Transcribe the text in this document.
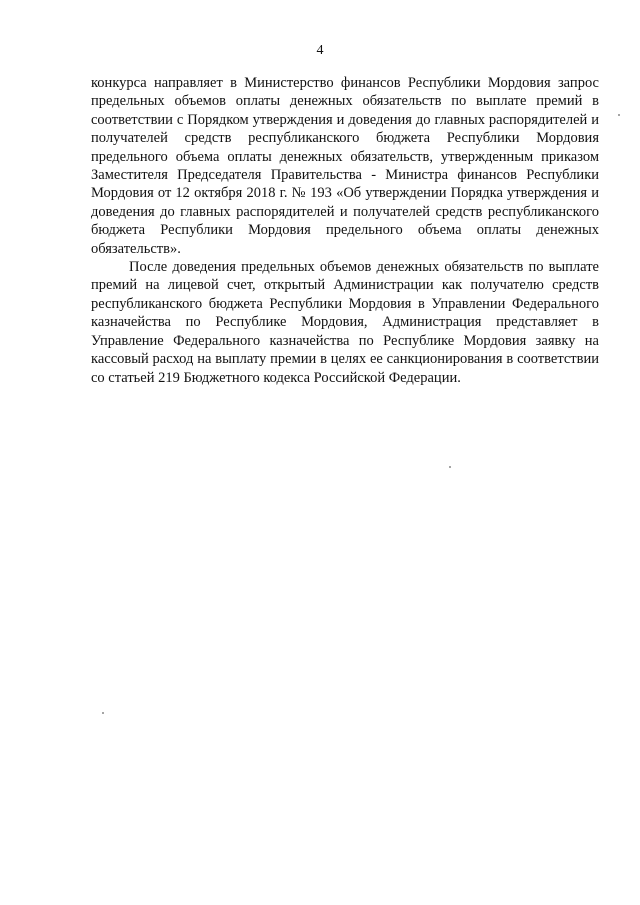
4

конкурса направляет в Министерство финансов Республики Мордовия запрос предельных объемов оплаты денежных обязательств по выплате премий в соответствии с Порядком утверждения и доведения до главных распорядителей и получателей средств республиканского бюджета Республики Мордовия предельного объема оплаты денежных обязательств, утвержденным приказом Заместителя Председателя Правительства - Министра финансов Республики Мордовия от 12 октября 2018 г. № 193 «Об утверждении Порядка утверждения и доведения до главных распорядителей и получателей средств республиканского бюджета Республики Мордовия предельного объема оплаты денежных обязательств».

После доведения предельных объемов денежных обязательств по выплате премий на лицевой счет, открытый Администрации как получателю средств республиканского бюджета Республики Мордовия в Управлении Федерального казначейства по Республике Мордовия, Администрация представляет в Управление Федерального казначейства по Республике Мордовия заявку на кассовый расход на выплату премии в целях ее санкционирования в соответствии со статьей 219 Бюджетного кодекса Российской Федерации.
